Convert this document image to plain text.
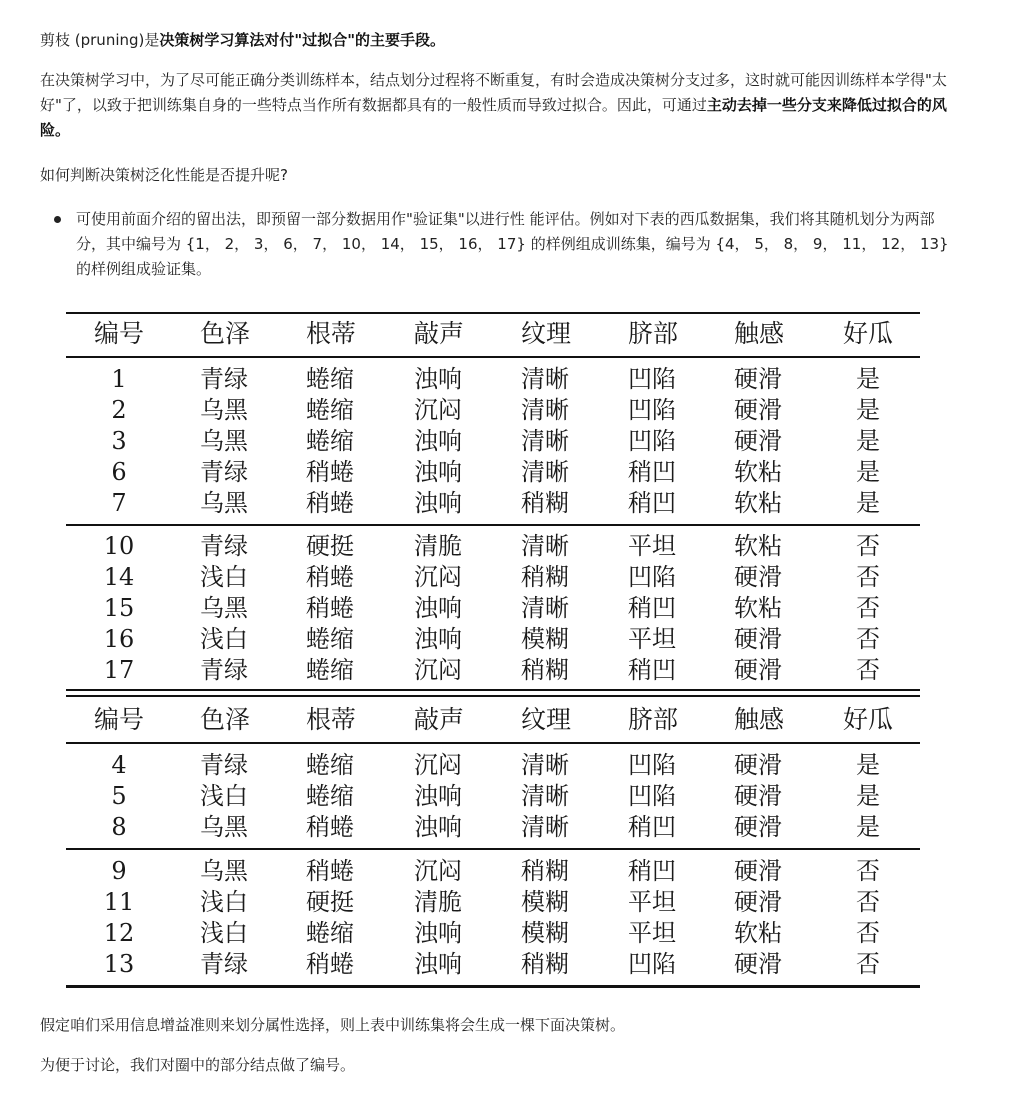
剪枝 (pruning)是决策树学习算法对付"过拟合"的主要手段。

在决策树学习中，为了尽可能正确分类训练样本，结点划分过程将不断重复，有时会造成决策树分支过多，这时就可能因训练样本学得"太好"了，以致于把训练集自身的一些特点当作所有数据都具有的一般性质而导致过拟合。因此，可通过主动去掉一些分支来降低过拟合的风险。

如何判断决策树泛化性能是否提升呢?

可使用前面介绍的留出法，即预留一部分数据用作"验证集"以进行性 能评估。例如对下表的西瓜数据集，我们将其随机划分为两部分，其中编号为 {1， 2， 3， 6， 7， 10， 14， 15， 16， 17} 的样例组成训练集，编号为 {4， 5， 8， 9， 11， 12， 13} 的样例组成验证集。

编号 色泽 根蒂 敲声 纹理 脐部 触感 好瓜
1	青绿 蜷缩	浊响 清晰 凹陷 硬滑	是
2	乌黑 蜷缩	沉闷 清晰 凹陷 硬滑	是
3	乌黑 蜷缩	浊响 清晰 凹陷 硬滑	是
6	青绿 稍蜷	浊响 清晰 稍凹 软粘	是
7	乌黑 稍蜷	浊响 稍糊 稍凹 软粘	是
10	青绿 硬挺	清脆 清晰 平坦 软粘	否
14	浅白 稍蜷	沉闷 稍糊 凹陷 硬滑	否
15	乌黑 稍蜷	浊响 清晰 稍凹 软粘	否
16	浅白 蜷缩	浊响 模糊 平坦 硬滑	否
17	青绿 蜷缩	沉闷 稍糊 稍凹 硬滑	否
编号 色泽 根蒂 敲声 纹理 脐部 触感 好瓜
4	青绿 蜷缩	沉闷 清晰 凹陷 硬滑	是
5	浅白 蜷缩	浊响 清晰 凹陷 硬滑	是
8	乌黑 稍蜷	浊响 清晰 稍凹 硬滑	是
9	乌黑 稍蜷	沉闷 稍糊 稍凹 硬滑	否
11	浅白 硬挺	清脆 模糊 平坦 硬滑	否
12	浅白 蜷缩	浊响 模糊 平坦 软粘	否
13	青绿 稍蜷	浊响 稍糊 凹陷 硬滑	否

假定咱们采用信息增益准则来划分属性选择，则上表中训练集将会生成一棵下面决策树。

为便于讨论，我们对圈中的部分结点做了编号。
